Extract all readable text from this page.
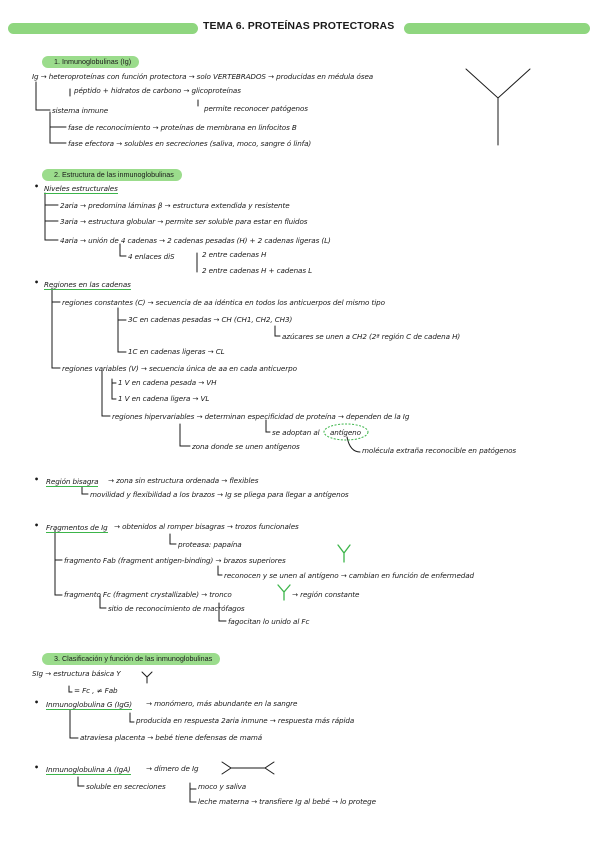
TEMA 6. PROTEÍNAS PROTECTORAS
1. Inmunoglobulinas (Ig)
2. Estructura de las inmunoglobulinas
3. Clasificación y función de las inmunoglobulinas
Ig → heteroproteínas con función protectora → solo VERTEBRADOS → producidas en médula ósea
péptido + hidratos de carbono → glicoproteínas
sistema inmune	permite reconocer patógenos
fase de reconocimiento → proteínas de membrana en linfocitos B
fase efectora → solubles en secreciones (saliva, moco, sangre ó linfa)
• Niveles estructurales
2aria → predomina láminas β → estructura extendida y resistente
3aria → estructura globular → permite ser soluble para estar en fluidos
4aria → unión de 4 cadenas → 2 cadenas pesadas (H) + 2 cadenas ligeras (L)
4 enlaces diS	2 entre cadenas H
2 entre cadenas H + cadenas L
• Regiones en las cadenas
regiones constantes (C) → secuencia de aa idéntica en todos los anticuerpos del mismo tipo
3C en cadenas pesadas → CH (CH1, CH2, CH3)
azúcares se unen a CH2 (2ª región C de cadena H)
1C en cadenas ligeras → CL
regiones variables (V) → secuencia única de aa en cada anticuerpo
1 V en cadena pesada → VH
1 V en cadena ligera → VL
regiones hipervariables → determinan especificidad de proteína → dependen de la Ig
se adoptan al antígeno
zona donde se unen antígenos	molécula extraña reconocible en patógenos
• Región bisagra → zona sin estructura ordenada → flexibles
movilidad y flexibilidad a los brazos → Ig se pliega para llegar a antígenos
• Fragmentos de Ig → obtenidos al romper bisagras → trozos funcionales
proteasa: papaína
fragmento Fab (fragment antigen-binding) → brazos superiores
reconocen y se unen al antígeno → cambian en función de enfermedad
fragmento Fc (fragment crystallizable) → tronco	→ región constante
sitio de reconocimiento de macrófagos
fagocitan lo unido al Fc
SIg → estructura básica Y
= Fc , ≠ Fab
• Inmunoglobulina G (IgG) → monómero, más abundante en la sangre
producida en respuesta 2aria inmune → respuesta más rápida
atraviesa placenta → bebé tiene defensas de mamá
• Inmunoglobulina A (IgA) → dímero de Ig
soluble en secreciones	moco y saliva
leche materna → transfiere Ig al bebé → lo protege
